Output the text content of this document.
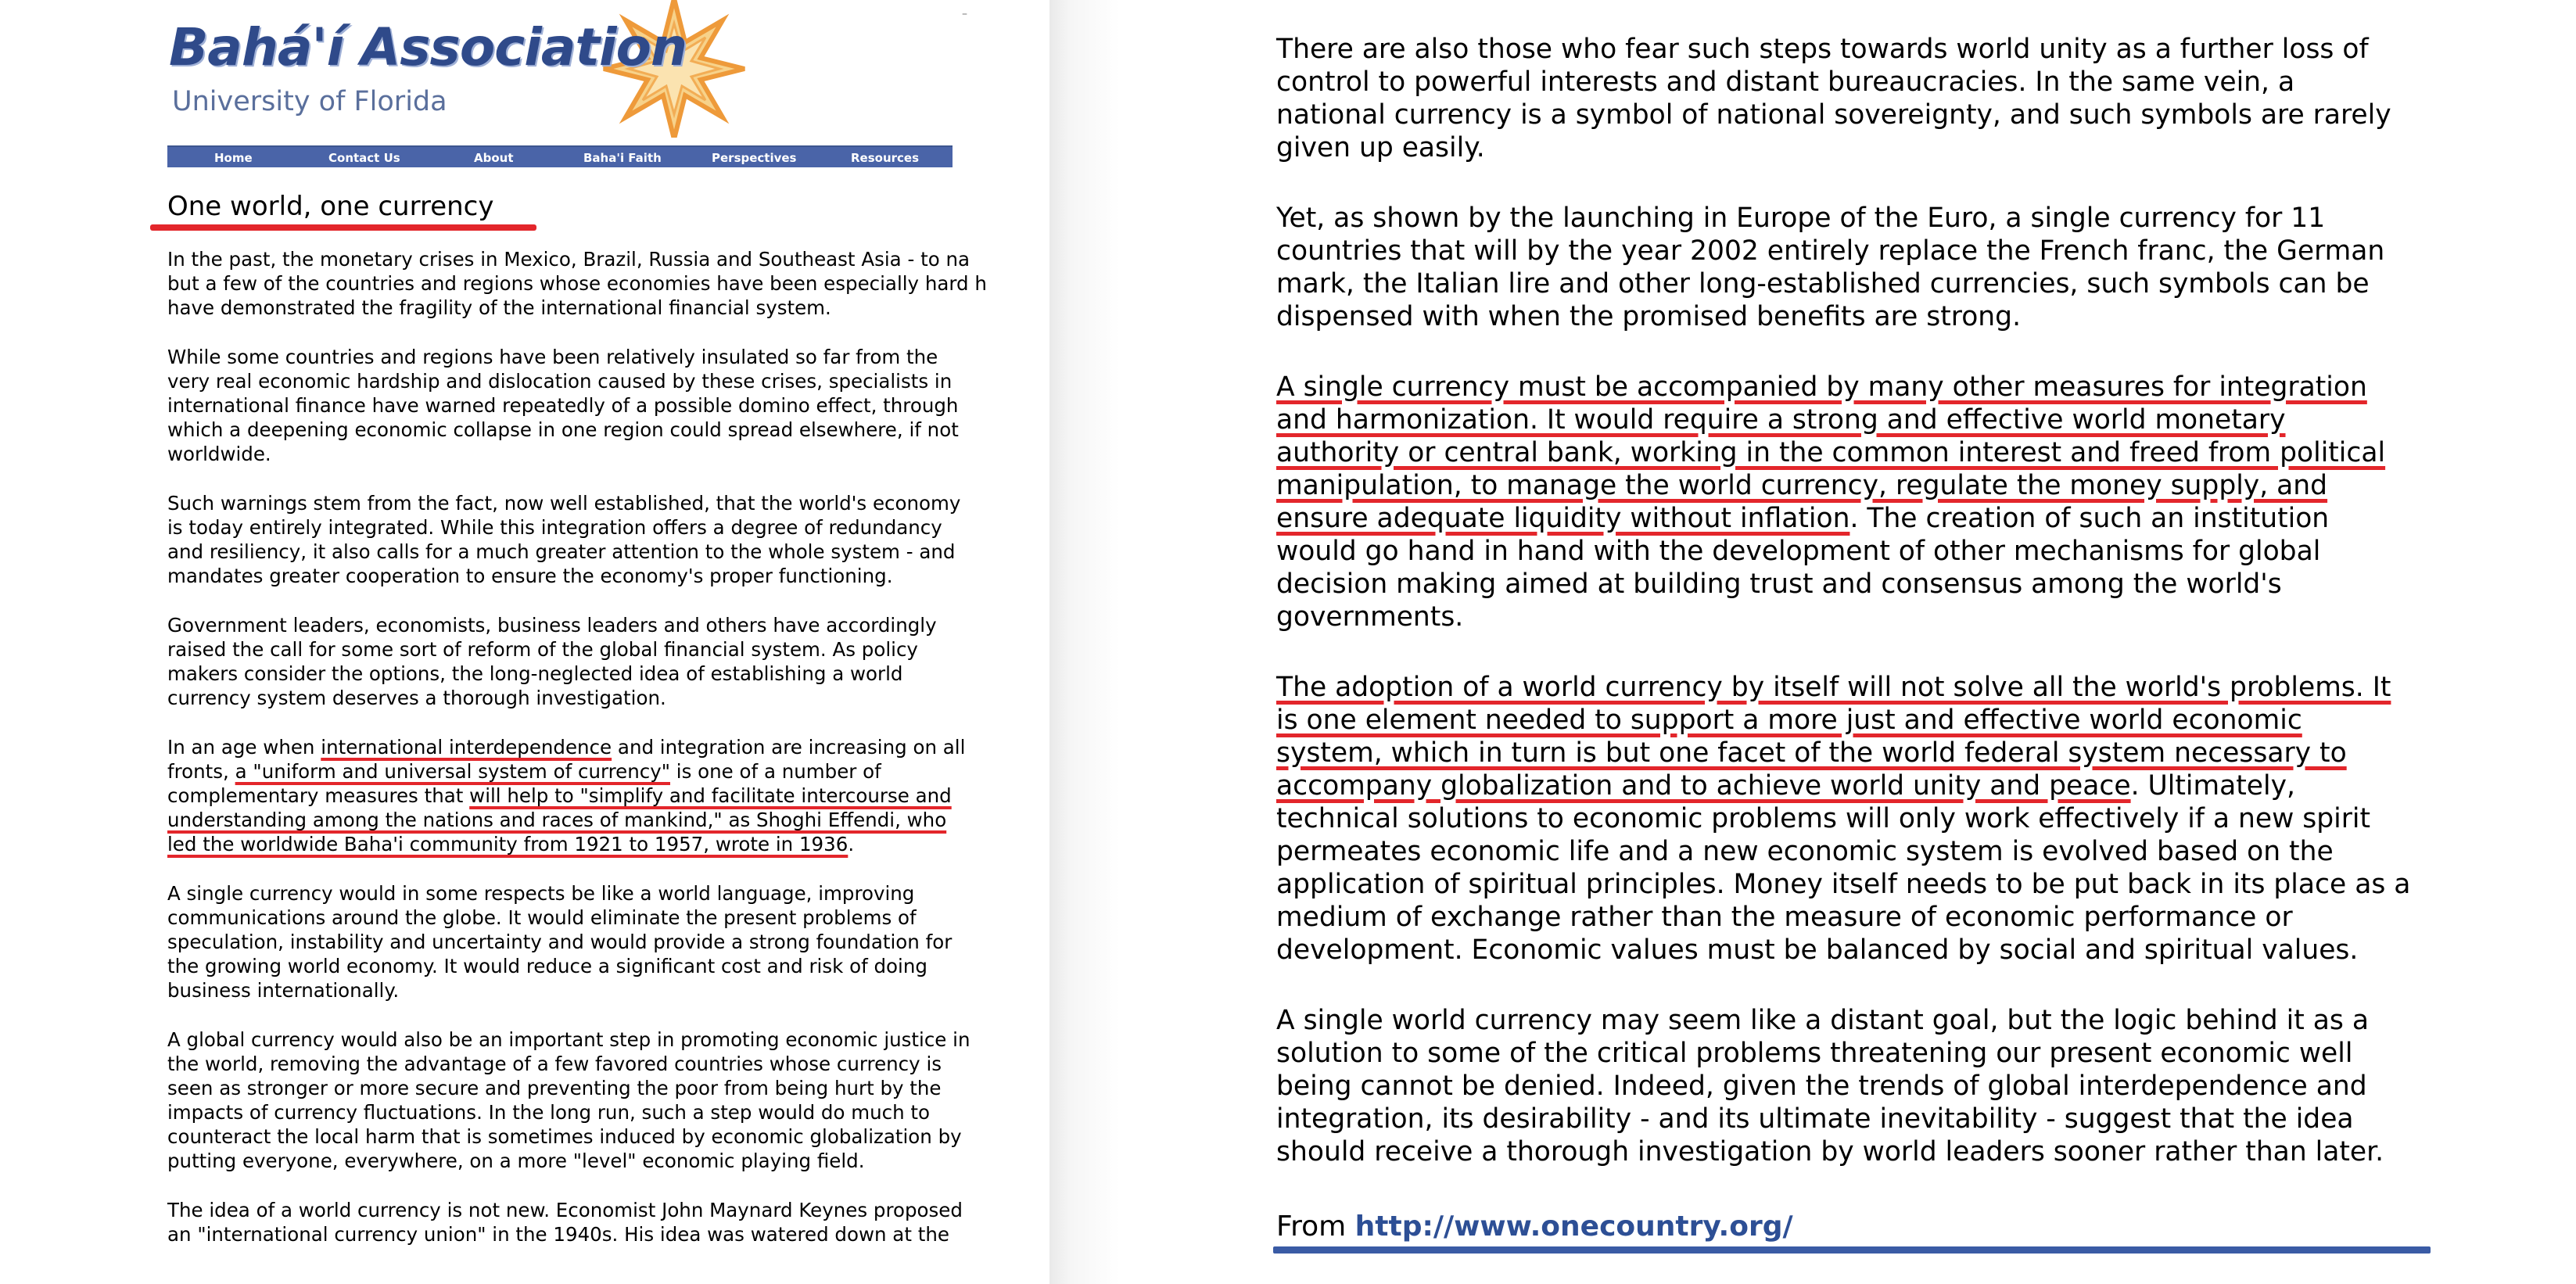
Bahá'í Association
University of Florida
–
Home	Contact Us	About	Baha'i Faith	Perspectives	Resources
One world, one currency

In the past, the monetary crises in Mexico, Brazil, Russia and Southeast Asia - to na
but a few of the countries and regions whose economies have been especially hard h
have demonstrated the fragility of the international financial system.

While some countries and regions have been relatively insulated so far from the
very real economic hardship and dislocation caused by these crises, specialists in
international finance have warned repeatedly of a possible domino effect, through
which a deepening economic collapse in one region could spread elsewhere, if not
worldwide.

Such warnings stem from the fact, now well established, that the world's economy
is today entirely integrated. While this integration offers a degree of redundancy
and resiliency, it also calls for a much greater attention to the whole system - and
mandates greater cooperation to ensure the economy's proper functioning.

Government leaders, economists, business leaders and others have accordingly
raised the call for some sort of reform of the global financial system. As policy
makers consider the options, the long-neglected idea of establishing a world
currency system deserves a thorough investigation.

In an age when international interdependence and integration are increasing on all
fronts, a "uniform and universal system of currency" is one of a number of
complementary measures that will help to "simplify and facilitate intercourse and
understanding among the nations and races of mankind," as Shoghi Effendi, who
led the worldwide Baha'i community from 1921 to 1957, wrote in 1936.

A single currency would in some respects be like a world language, improving
communications around the globe. It would eliminate the present problems of
speculation, instability and uncertainty and would provide a strong foundation for
the growing world economy. It would reduce a significant cost and risk of doing
business internationally.

A global currency would also be an important step in promoting economic justice in
the world, removing the advantage of a few favored countries whose currency is
seen as stronger or more secure and preventing the poor from being hurt by the
impacts of currency fluctuations. In the long run, such a step would do much to
counteract the local harm that is sometimes induced by economic globalization by
putting everyone, everywhere, on a more "level" economic playing field.

The idea of a world currency is not new. Economist John Maynard Keynes proposed
an "international currency union" in the 1940s. His idea was watered down at the

There are also those who fear such steps towards world unity as a further loss of
control to powerful interests and distant bureaucracies. In the same vein, a
national currency is a symbol of national sovereignty, and such symbols are rarely
given up easily.

Yet, as shown by the launching in Europe of the Euro, a single currency for 11
countries that will by the year 2002 entirely replace the French franc, the German
mark, the Italian lire and other long-established currencies, such symbols can be
dispensed with when the promised benefits are strong.

A single currency must be accompanied by many other measures for integration
and harmonization. It would require a strong and effective world monetary
authority or central bank, working in the common interest and freed from political
manipulation, to manage the world currency, regulate the money supply, and
ensure adequate liquidity without inflation. The creation of such an institution
would go hand in hand with the development of other mechanisms for global
decision making aimed at building trust and consensus among the world's
governments.

The adoption of a world currency by itself will not solve all the world's problems. It
is one element needed to support a more just and effective world economic
system, which in turn is but one facet of the world federal system necessary to
accompany globalization and to achieve world unity and peace. Ultimately,
technical solutions to economic problems will only work effectively if a new spirit
permeates economic life and a new economic system is evolved based on the
application of spiritual principles. Money itself needs to be put back in its place as a
medium of exchange rather than the measure of economic performance or
development. Economic values must be balanced by social and spiritual values.

A single world currency may seem like a distant goal, but the logic behind it as a
solution to some of the critical problems threatening our present economic well
being cannot be denied. Indeed, given the trends of global interdependence and
integration, its desirability - and its ultimate inevitability - suggest that the idea
should receive a thorough investigation by world leaders sooner rather than later.

From http://www.onecountry.org/
